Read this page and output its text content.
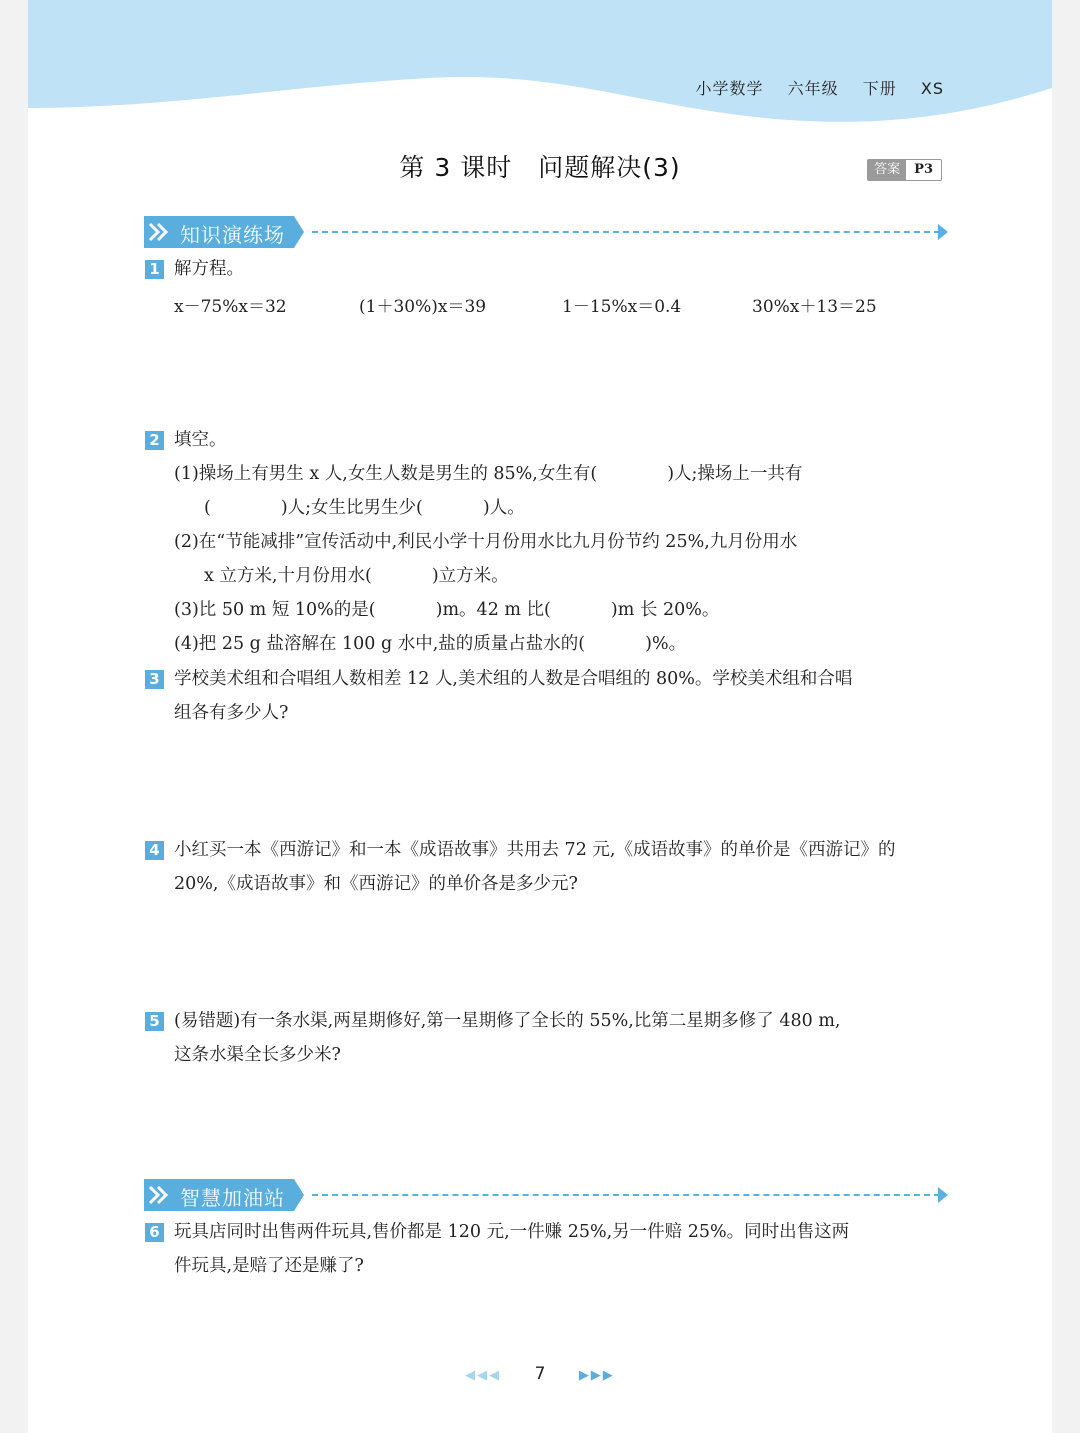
小学数学 六年级 下册 XS
第 3 课时　问题解决(3)	答案	P3
知识演练场
1 解方程。
x－75%x＝32	(1＋30%)x＝39	1－15%x＝0.4	30%x＋13＝25
2 填空。
(1)操场上有男生 x 人,女生人数是男生的 85%,女生有(	)人;操场上一共有
(	)人;女生比男生少(	)人。
(2)在“节能减排”宣传活动中,利民小学十月份用水比九月份节约 25%,九月份用水
x 立方米,十月份用水(	)立方米。
(3)比 50 m 短 10%的是(	)m。42 m 比(	)m 长 20%。
(4)把 25 g 盐溶解在 100 g 水中,盐的质量占盐水的(	)%。
3 学校美术组和合唱组人数相差 12 人,美术组的人数是合唱组的 80%。学校美术组和合唱
组各有多少人?
4 小红买一本《西游记》和一本《成语故事》共用去 72 元,《成语故事》的单价是《西游记》的
20%,《成语故事》和《西游记》的单价各是多少元?
5 (易错题)有一条水渠,两星期修好,第一星期修了全长的 55%,比第二星期多修了 480 m,
这条水渠全长多少米?
智慧加油站
6 玩具店同时出售两件玩具,售价都是 120 元,一件赚 25%,另一件赔 25%。同时出售这两
件玩具,是赔了还是赚了?
◀◀◀ 7	▶▶▶
